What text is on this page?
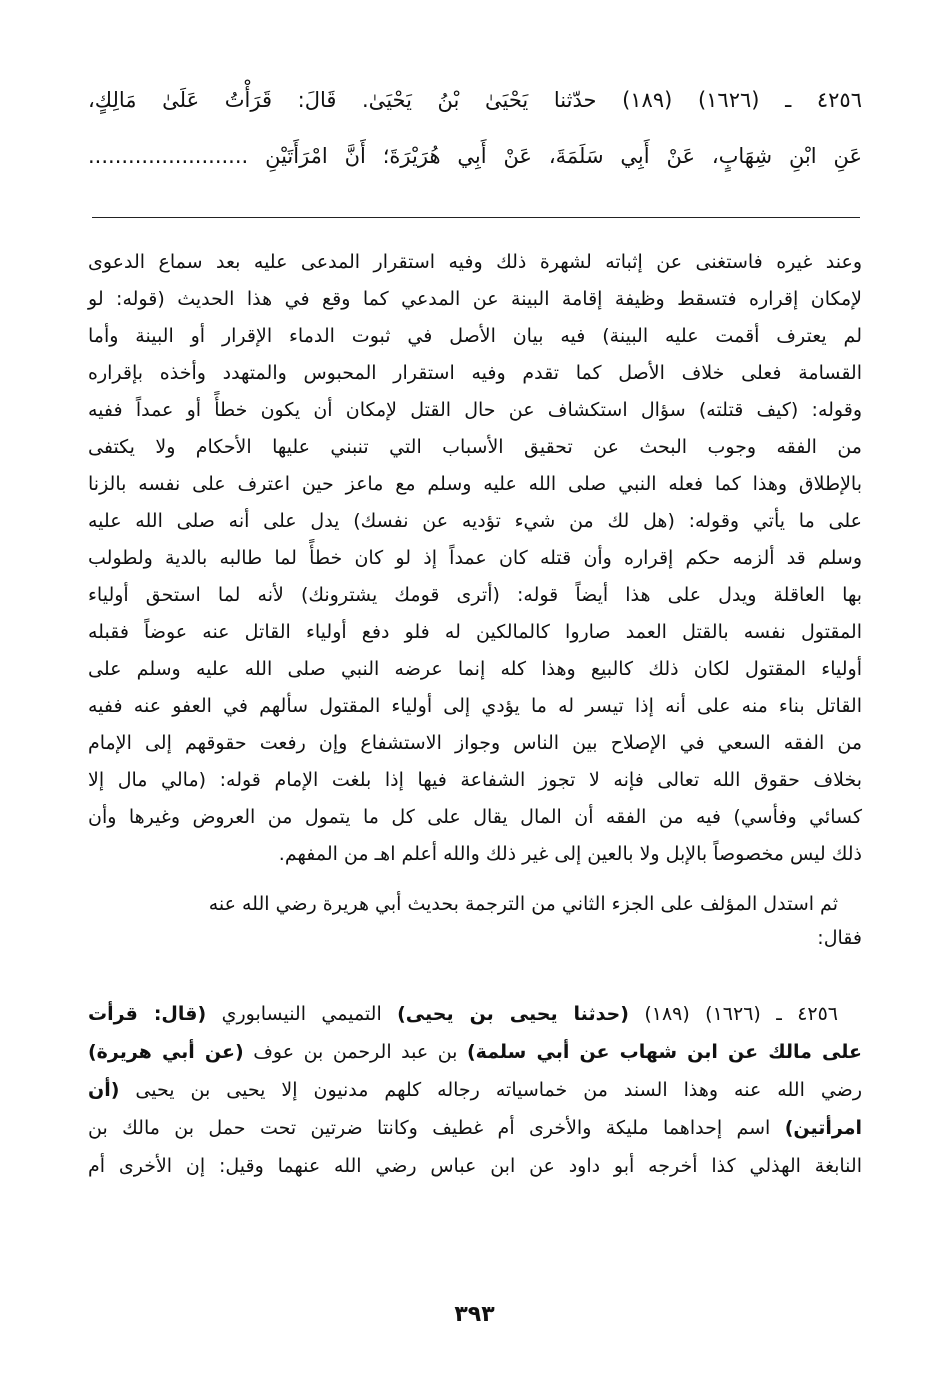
٤٢٥٦ ـ (١٦٢٦) (١٨٩) حدّثنا يَحْيَىٰ بْنُ يَحْيَىٰ. قَالَ: قَرَأْتُ عَلَىٰ مَالِكٍ،
عَنِ ابْنِ شِهَابٍ، عَنْ أَبِي سَلَمَةَ، عَنْ أَبِي هُرَيْرَةَ؛ أَنَّ امْرَأَتَيْنِ ........................
وعند غيره فاستغنى عن إثباته لشهرة ذلك وفيه استقرار المدعى عليه بعد سماع الدعوى
لإمكان إقراره فتسقط وظيفة إقامة البينة عن المدعي كما وقع في هذا الحديث (قوله: لو
لم يعترف أقمت عليه البينة) فيه بيان الأصل في ثبوت الدماء الإقرار أو البينة وأما
القسامة فعلى خلاف الأصل كما تقدم وفيه استقرار المحبوس والمتهدد وأخذه بإقراره
وقوله: (كيف قتلته) سؤال استكشاف عن حال القتل لإمكان أن يكون خطأً أو عمداً ففيه
من الفقه وجوب البحث عن تحقيق الأسباب التي تنبني عليها الأحكام ولا يكتفى
بالإطلاق وهذا كما فعله النبي صلى الله عليه وسلم مع ماعز حين اعترف على نفسه بالزنا
على ما يأتي وقوله: (هل لك من شيء تؤديه عن نفسك) يدل على أنه صلى الله عليه
وسلم قد ألزمه حكم إقراره وأن قتله كان عمداً إذ لو كان خطأً لما طالبه بالدية ولطولب
بها العاقلة ويدل على هذا أيضاً قوله: (أترى قومك يشترونك) لأنه لما استحق أولياء
المقتول نفسه بالقتل العمد صاروا كالمالكين له فلو دفع أولياء القاتل عنه عوضاً فقبله
أولياء المقتول لكان ذلك كالبيع وهذا كله إنما عرضه النبي صلى الله عليه وسلم على
القاتل بناء منه على أنه إذا تيسر له ما يؤدي إلى أولياء المقتول سألهم في العفو عنه ففيه
من الفقه السعي في الإصلاح بين الناس وجواز الاستشفاع وإن رفعت حقوقهم إلى الإمام
بخلاف حقوق الله تعالى فإنه لا تجوز الشفاعة فيها إذا بلغت الإمام قوله: (مالي مال إلا
كسائي وفأسي) فيه من الفقه أن المال يقال على كل ما يتمول من العروض وغيرها وأن
ذلك ليس مخصوصاً بالإبل ولا بالعين إلى غير ذلك والله أعلم اهـ من المفهم.
ثم استدل المؤلف على الجزء الثاني من الترجمة بحديث أبي هريرة رضي الله عنه
فقال:
٤٢٥٦ ـ (١٦٢٦) (١٨٩) (حدثنا يحيى بن يحيى) التميمي النيسابوري (قال: قرأت
على مالك عن ابن شهاب عن أبي سلمة) بن عبد الرحمن بن عوف (عن أبي هريرة)
رضي الله عنه وهذا السند من خماسياته رجاله كلهم مدنيون إلا يحيى بن يحيى (أن
امرأتين) اسم إحداهما مليكة والأخرى أم غطيف وكانتا ضرتين تحت حمل بن مالك بن
النابغة الهذلي كذا أخرجه أبو داود عن ابن عباس رضي الله عنهما وقيل: إن الأخرى أم
٣٩٣
